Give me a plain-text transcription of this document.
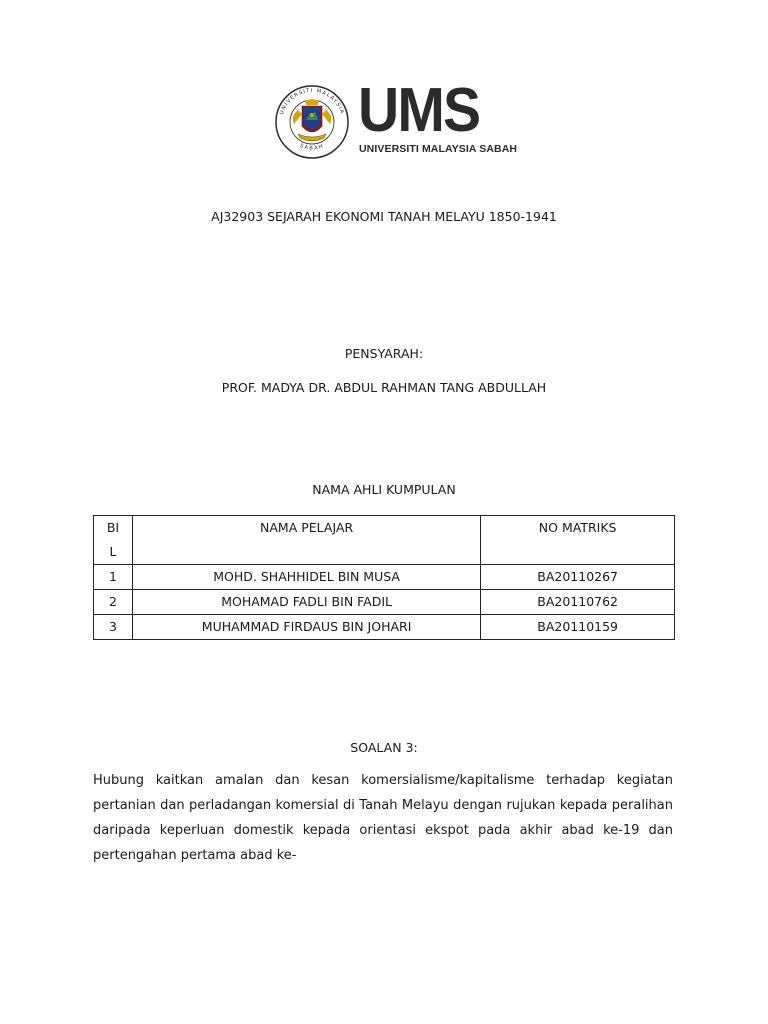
UNIVERSITI MALAYSIA
SABAH
UMS
UNIVERSITI MALAYSIA SABAH
AJ32903 SEJARAH EKONOMI TANAH MELAYU 1850-1941
PENSYARAH:
PROF. MADYA DR. ABDUL RAHMAN TANG ABDULLAH
NAMA AHLI KUMPULAN
BI
L	NAMA PELAJAR	NO MATRIKS
1	MOHD. SHAHHIDEL BIN MUSA	BA20110267
2	MOHAMAD FADLI BIN FADIL	BA20110762
3	MUHAMMAD FIRDAUS BIN JOHARI	BA20110159
SOALAN 3:
Hubung kaitkan amalan dan kesan komersialisme/kapitalisme terhadap kegiatan pertanian dan perladangan komersial di Tanah Melayu dengan rujukan kepada peralihan daripada keperluan domestik kepada orientasi ekspot pada akhir abad ke-19 dan pertengahan pertama abad ke-
